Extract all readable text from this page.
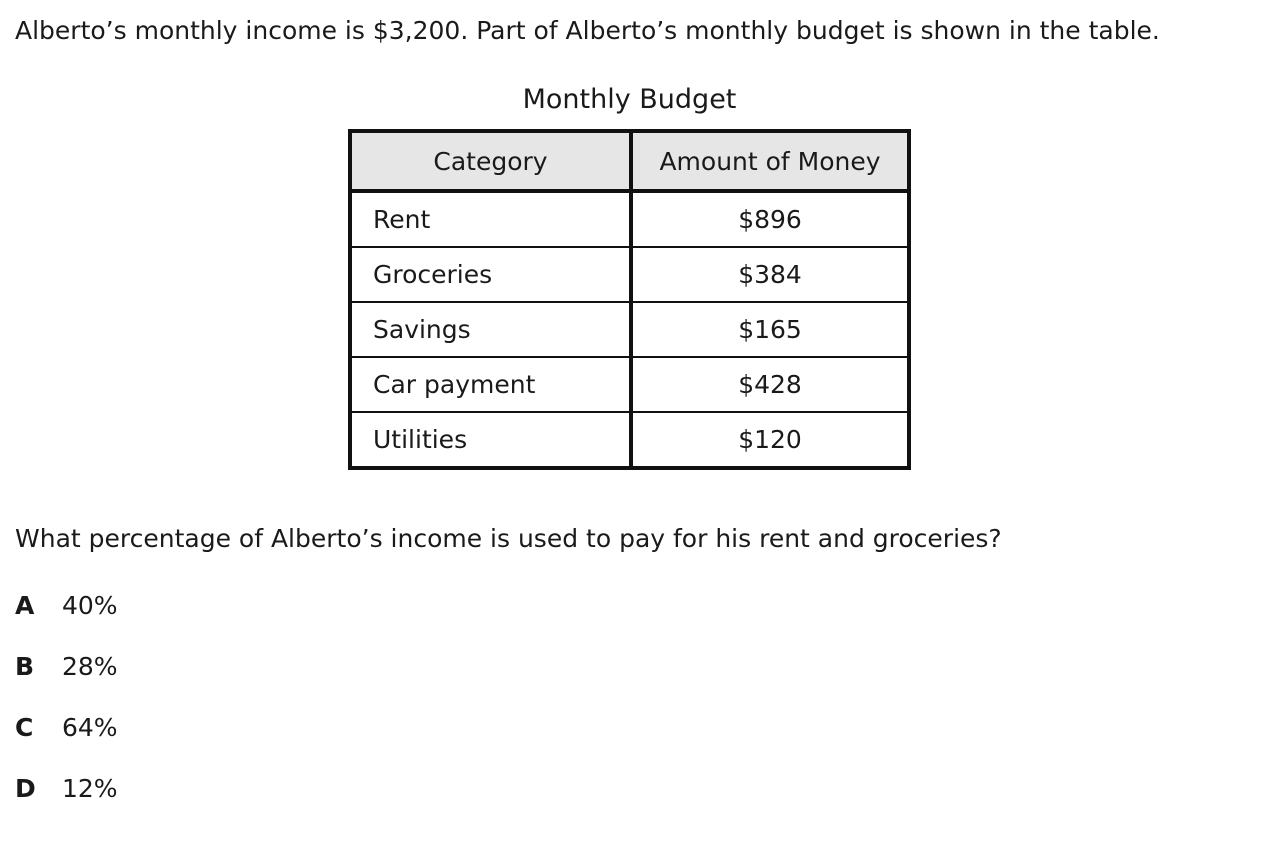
Alberto’s monthly income is $3,200. Part of Alberto’s monthly budget is shown in the table.

Monthly Budget
Category	Amount of Money
Rent	$896
Groceries	$384
Savings	$165
Car payment	$428
Utilities	$120

What percentage of Alberto’s income is used to pay for his rent and groceries?

A	40%
B	28%
C	64%
D	12%
